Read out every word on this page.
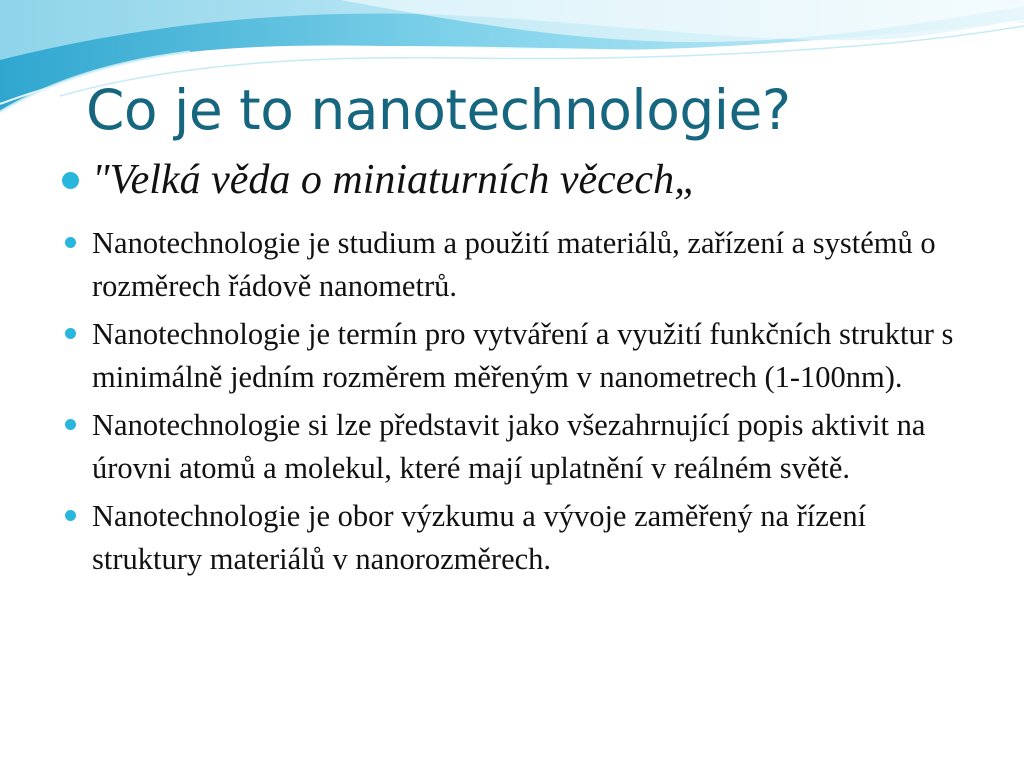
Co je to nanotechnologie?
"Velká věda o miniaturních věcech„
Nanotechnologie je studium a použití materiálů, zařízení a systémů o rozměrech řádově nanometrů.
Nanotechnologie je termín pro vytváření a využití funkčních struktur s minimálně jedním rozměrem měřeným v nanometrech (1-100nm).
Nanotechnologie si lze představit jako všezahrnující popis aktivit na úrovni atomů a molekul, které mají uplatnění v reálném světě.
Nanotechnologie je obor výzkumu a vývoje zaměřený na řízení struktury materiálů v nanorozměrech.
